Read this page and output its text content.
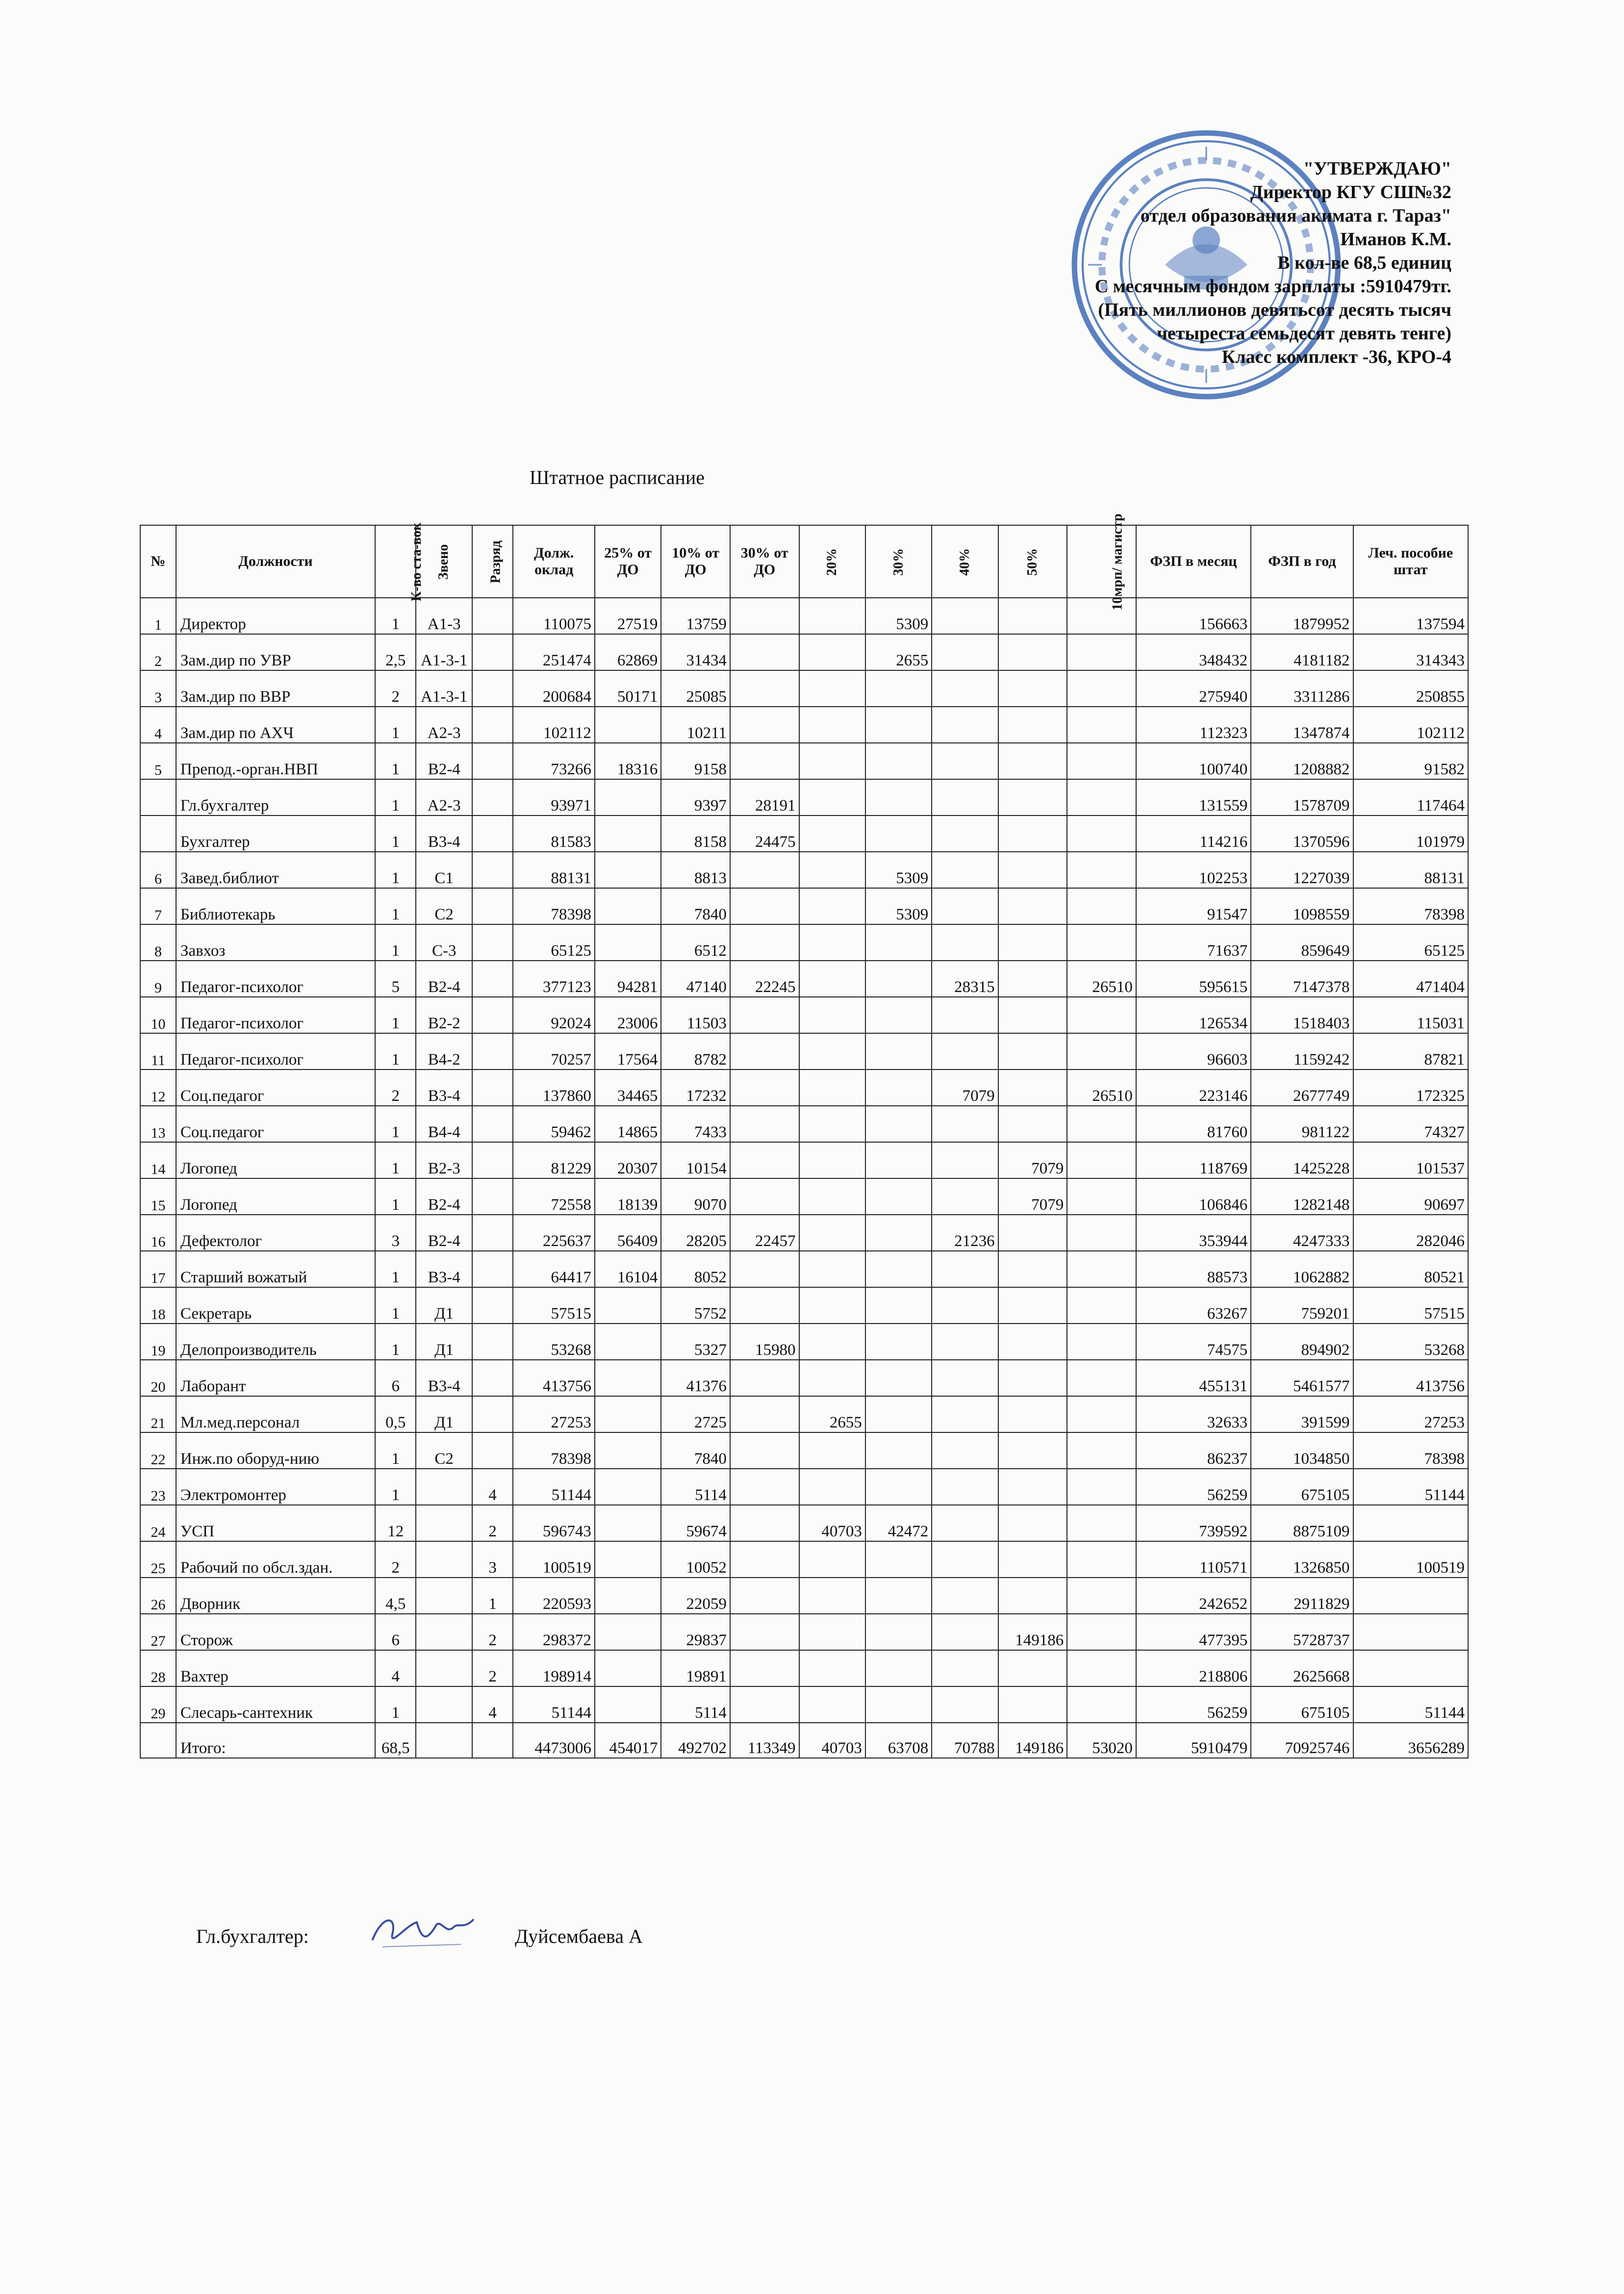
"УТВЕРЖДАЮ"
Директор КГУ СШ№32
отдел образования акимата г. Тараз"
Иманов К.М.
В кол-ве 68,5 единиц
С месячным фондом зарплаты :5910479тг.
(Пять миллионов девятьсот десять тысяч
четыреста семьдесят девять тенге)
Класс комплект -36, КРО-4
Штатное расписание
№	Должности	К-во ста-вок	Звено	Разряд	Долж. оклад	25% от ДО	10% от ДО	30% от ДО	20%	30%	40%	50%	10мрп/ магистр	ФЗП в месяц	ФЗП в год	Леч. пособие штат
1	Директор	1	А1-3		110075	27519	13759			5309				156663	1879952	137594
2	Зам.дир по УВР	2,5	А1-3-1		251474	62869	31434			2655				348432	4181182	314343
3	Зам.дир по ВВР	2	А1-3-1		200684	50171	25085							275940	3311286	250855
4	Зам.дир по АХЧ	1	А2-3		102112		10211							112323	1347874	102112
5	Препод.-орган.НВП	1	В2-4		73266	18316	9158							100740	1208882	91582
	Гл.бухгалтер	1	А2-3		93971		9397	28191						131559	1578709	117464
	Бухгалтер	1	В3-4		81583		8158	24475						114216	1370596	101979
6	Завед.библиот	1	С1		88131		8813			5309				102253	1227039	88131
7	Библиотекарь	1	С2		78398		7840			5309				91547	1098559	78398
8	Завхоз	1	С-3		65125		6512							71637	859649	65125
9	Педагог-психолог	5	В2-4		377123	94281	47140	22245			28315		26510	595615	7147378	471404
10	Педагог-психолог	1	В2-2		92024	23006	11503							126534	1518403	115031
11	Педагог-психолог	1	В4-2		70257	17564	8782							96603	1159242	87821
12	Соц.педагог	2	В3-4		137860	34465	17232				7079		26510	223146	2677749	172325
13	Соц.педагог	1	В4-4		59462	14865	7433							81760	981122	74327
14	Логопед	1	В2-3		81229	20307	10154					7079		118769	1425228	101537
15	Логопед	1	В2-4		72558	18139	9070					7079		106846	1282148	90697
16	Дефектолог	3	В2-4		225637	56409	28205	22457			21236			353944	4247333	282046
17	Старший вожатый	1	В3-4		64417	16104	8052							88573	1062882	80521
18	Секретарь	1	Д1		57515		5752							63267	759201	57515
19	Делопроизводитель	1	Д1		53268		5327	15980						74575	894902	53268
20	Лаборант	6	В3-4		413756		41376							455131	5461577	413756
21	Мл.мед.персонал	0,5	Д1		27253		2725		2655					32633	391599	27253
22	Инж.по оборуд-нию	1	С2		78398		7840							86237	1034850	78398
23	Электромонтер	1		4	51144		5114							56259	675105	51144
24	УСП	12		2	596743		59674		40703	42472				739592	8875109	
25	Рабочий по обсл.здан.	2		3	100519		10052							110571	1326850	100519
26	Дворник	4,5		1	220593		22059							242652	2911829	
27	Сторож	6		2	298372		29837					149186		477395	5728737	
28	Вахтер	4		2	198914		19891							218806	2625668	
29	Слесарь-сантехник	1		4	51144		5114							56259	675105	51144
	Итого:	68,5			4473006	454017	492702	113349	40703	63708	70788	149186	53020	5910479	70925746	3656289
Гл.бухгалтер:	Дуйсембаева А
